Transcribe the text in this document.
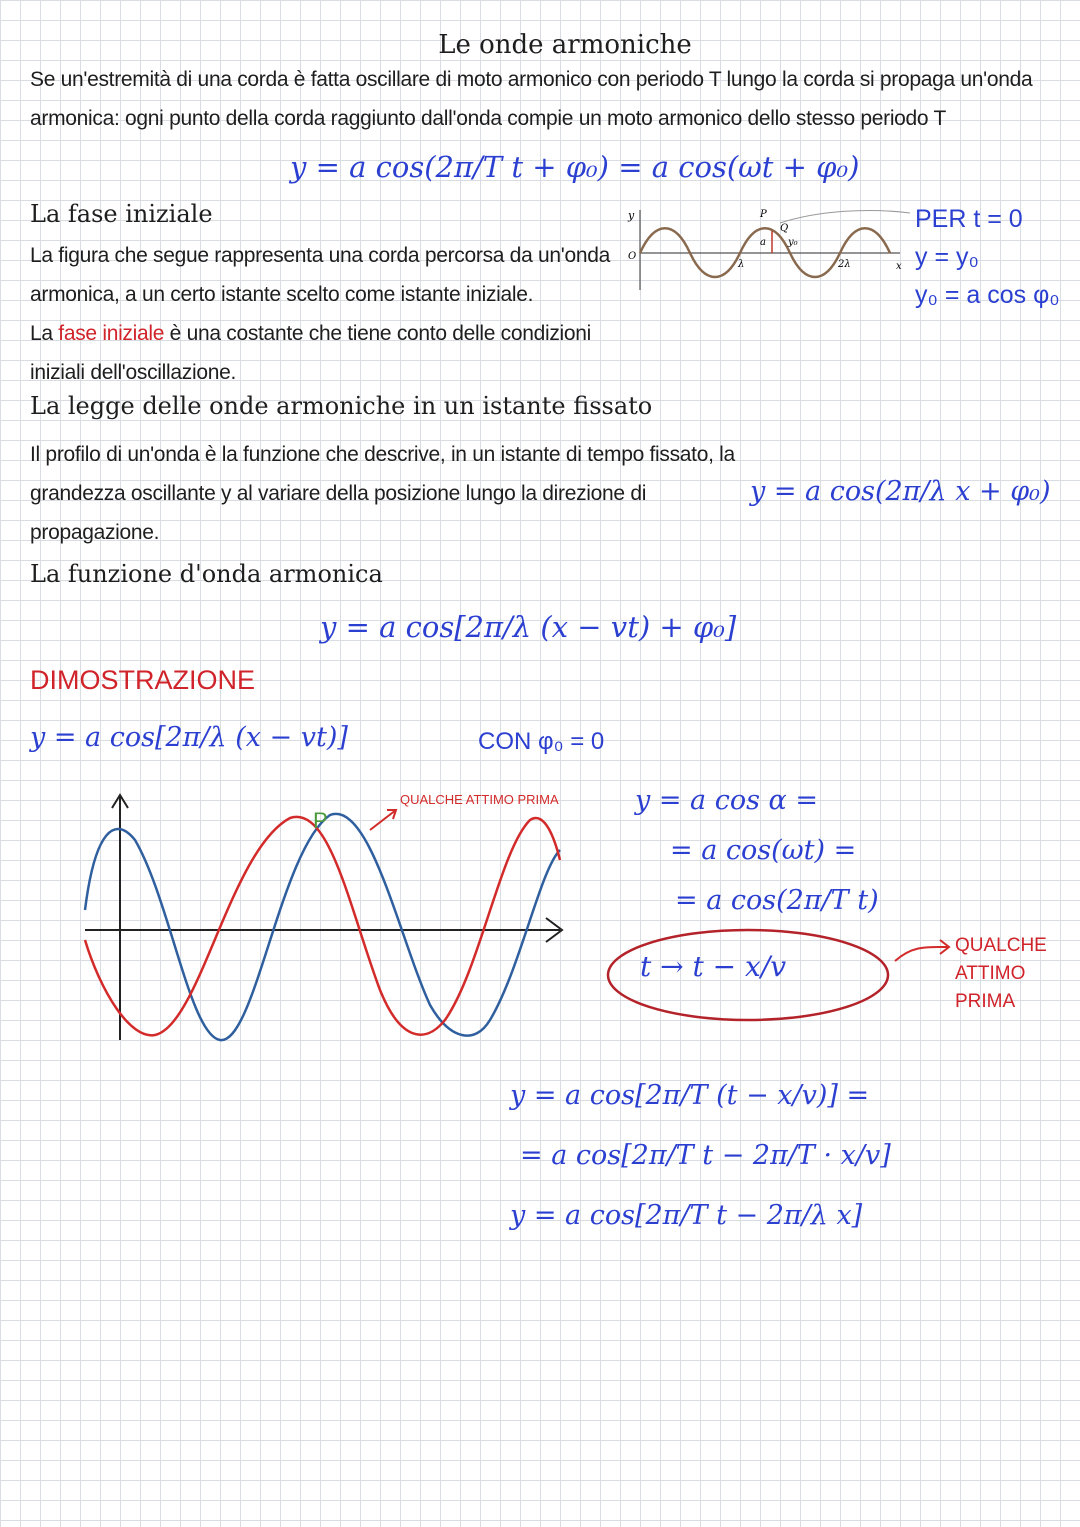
Le onde armoniche

Se un'estremità di una corda è fatta oscillare di moto armonico con periodo T lungo la corda si propaga un'onda armonica: ogni punto della corda raggiunto dall'onda compie un moto armonico dello stesso periodo T

y = a cos(2π/T t + φ₀) = a cos(ωt + φ₀)
La fase iniziale

La figura che segue rappresenta una corda percorsa da un'onda armonica, a un certo istante scelto come istante iniziale.

La fase iniziale è una costante che tiene conto delle condizioni iniziali dell'oscillazione.

y
O
P
Q
a y₀
λ	2λ	x
PER t = 0
y = y₀
y₀ = a cos φ₀
La legge delle onde armoniche in un istante fissato

Il profilo di un'onda è la funzione che descrive, in un istante di tempo fissato, la grandezza oscillante y al variare della posizione lungo la direzione di propagazione.

y = a cos(2π/λ x + φ₀)
La funzione d'onda armonica
y = a cos[2π/λ (x − vt) + φ₀]
DIMOSTRAZIONE
y = a cos[2π/λ (x − vt)]	CON φ₀ = 0
P
QUALCHE ATTIMO PRIMA	y = a cos α =
= a cos(ωt) =
= a cos(2π/T t)
t → t − x/v
QUALCHE ATTIMO PRIMA
y = a cos[2π/T (t − x/v)] =
= a cos[2π/T t − 2π/T · x/v]
y = a cos[2π/T t − 2π/λ x]
